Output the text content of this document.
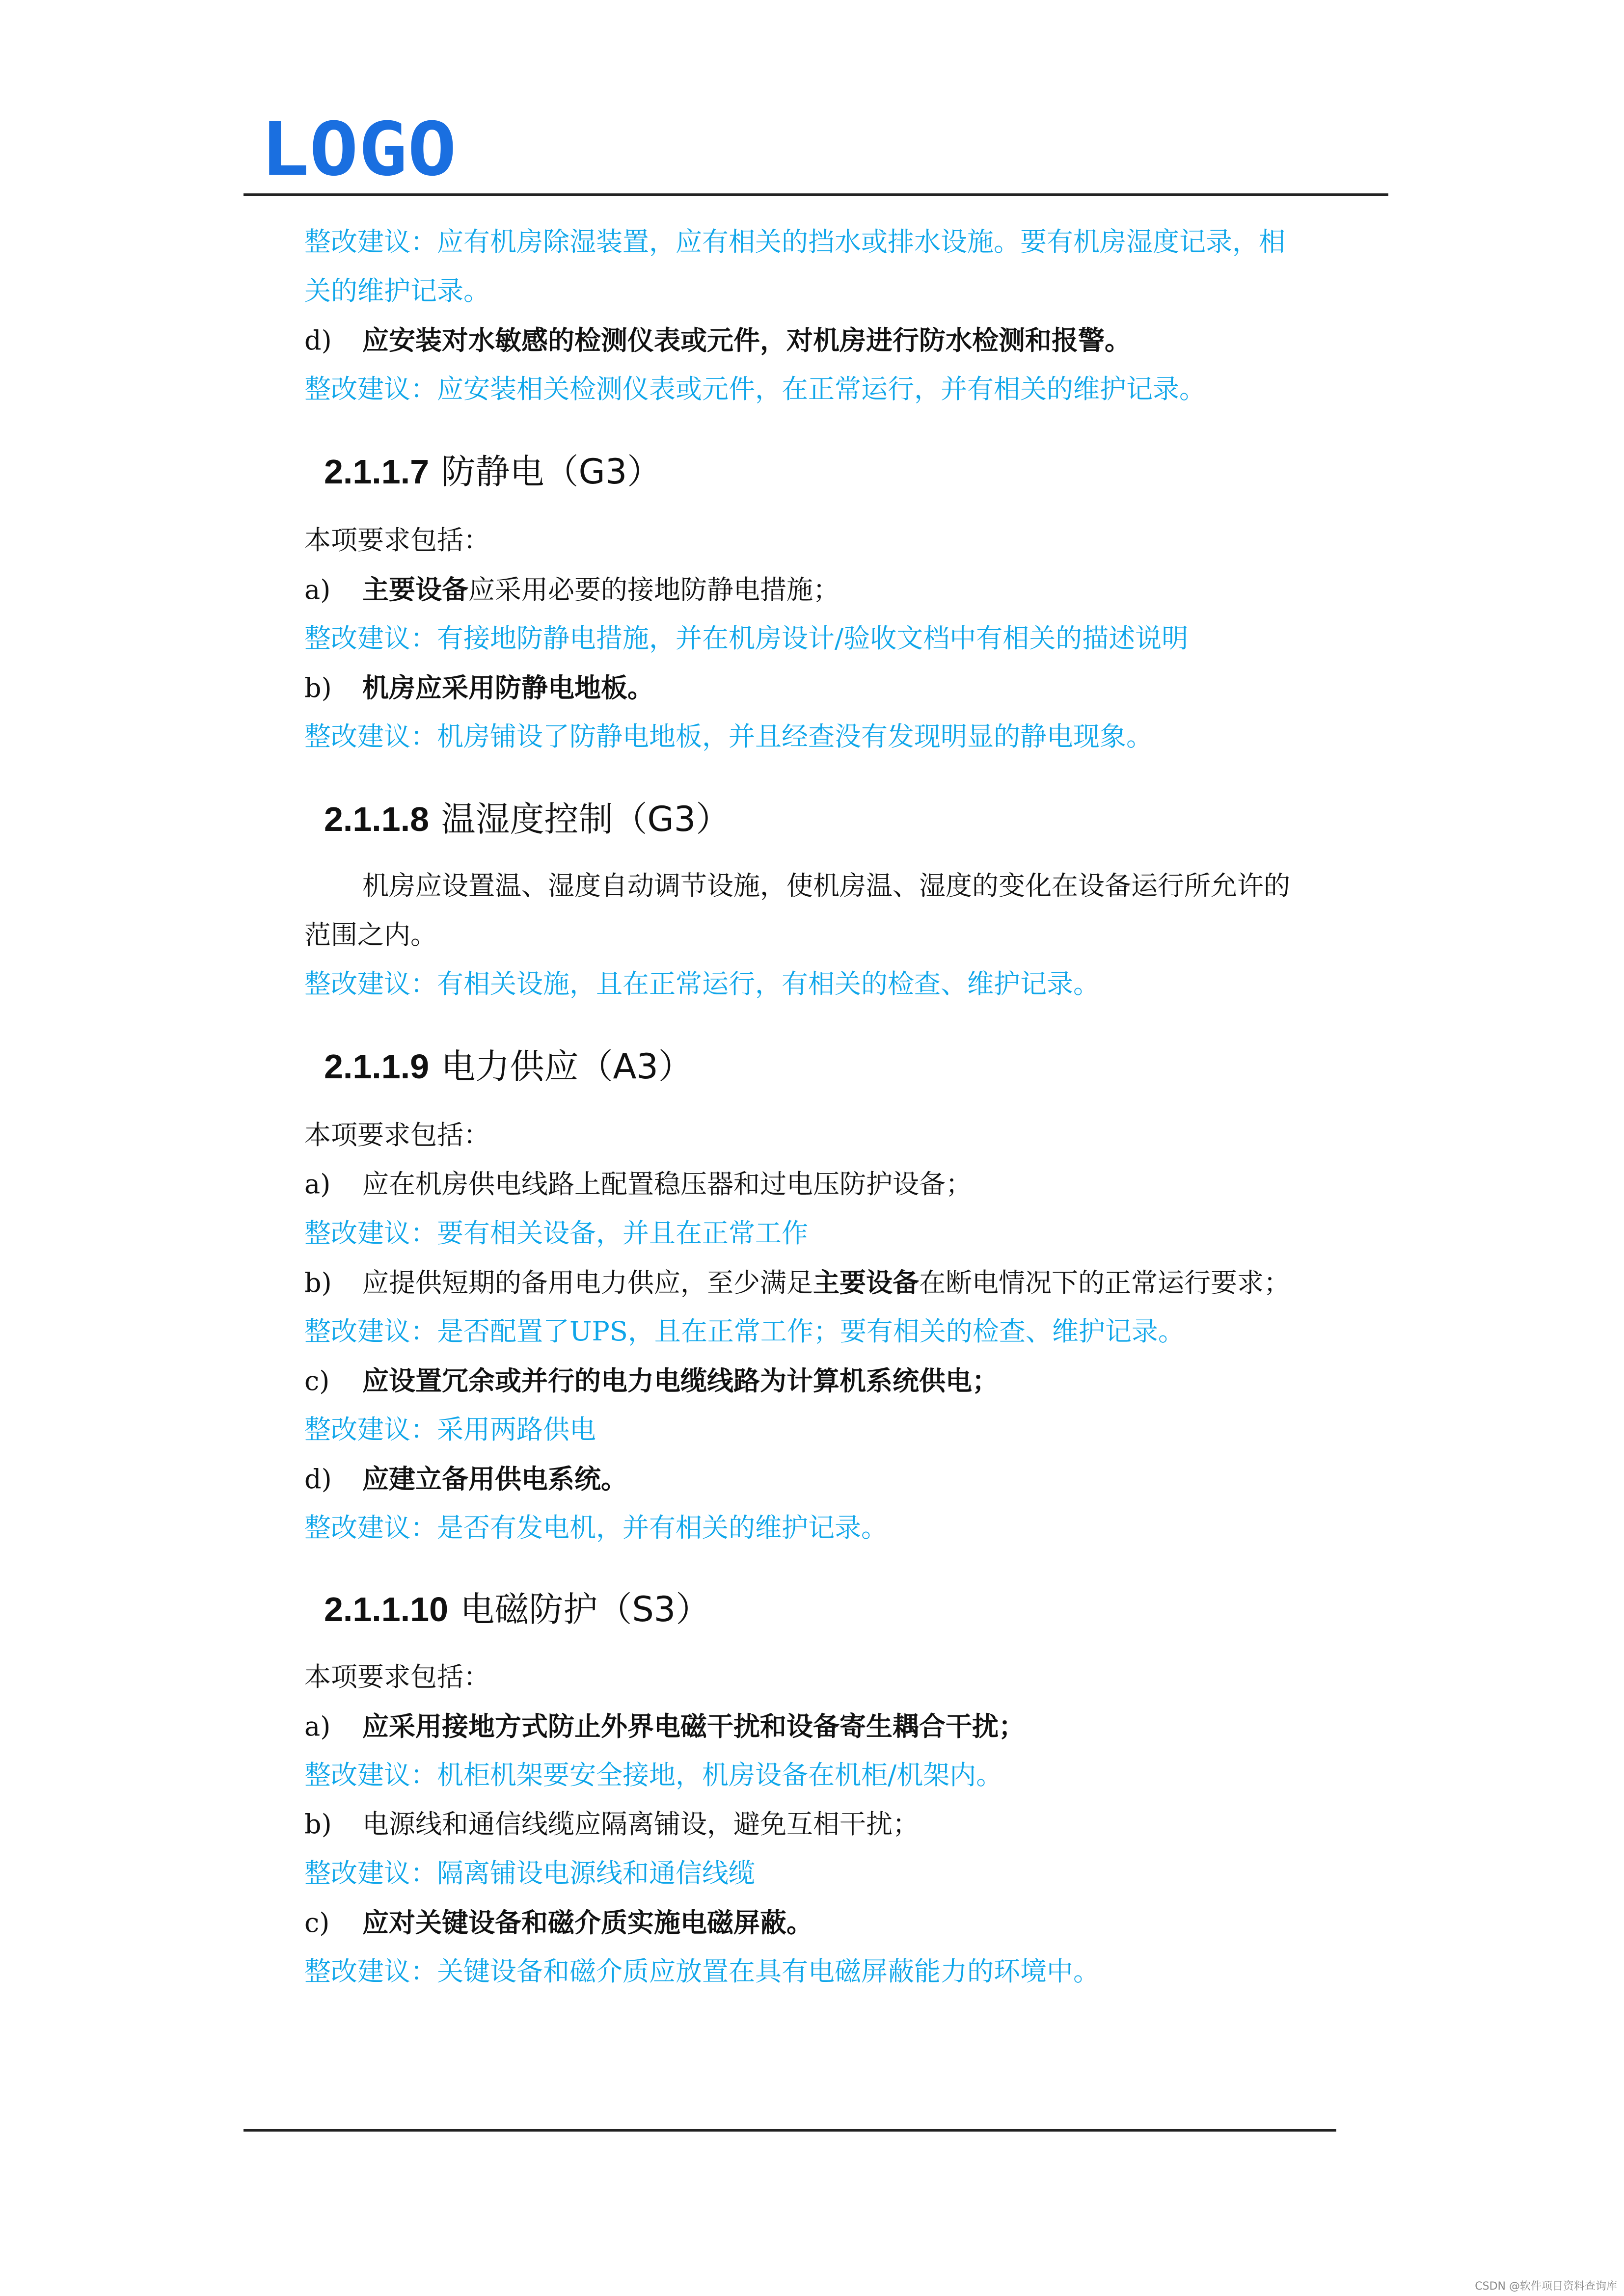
LOGO
整改建议：应有机房除湿装置，应有相关的挡水或排水设施。要有机房湿度记录，相
关的维护记录。
d) 应安装对水敏感的检测仪表或元件，对机房进行防水检测和报警。
整改建议：应安装相关检测仪表或元件，在正常运行，并有相关的维护记录。
2.1.1.7 防静电（G3）
本项要求包括：
a) 主要设备应采用必要的接地防静电措施；
整改建议：有接地防静电措施，并在机房设计/验收文档中有相关的描述说明
b) 机房应采用防静电地板。
整改建议：机房铺设了防静电地板，并且经查没有发现明显的静电现象。
2.1.1.8 温湿度控制（G3）
机房应设置温、湿度自动调节设施，使机房温、湿度的变化在设备运行所允许的
范围之内。
整改建议：有相关设施，且在正常运行，有相关的检查、维护记录。
2.1.1.9 电力供应（A3）
本项要求包括：
a) 应在机房供电线路上配置稳压器和过电压防护设备；
整改建议：要有相关设备，并且在正常工作
b) 应提供短期的备用电力供应，至少满足主要设备在断电情况下的正常运行要求；
整改建议：是否配置了UPS，且在正常工作；要有相关的检查、维护记录。
c) 应设置冗余或并行的电力电缆线路为计算机系统供电；
整改建议：采用两路供电
d) 应建立备用供电系统。
整改建议：是否有发电机，并有相关的维护记录。
2.1.1.10 电磁防护（S3）
本项要求包括：
a) 应采用接地方式防止外界电磁干扰和设备寄生耦合干扰；
整改建议：机柜机架要安全接地，机房设备在机柜/机架内。
b) 电源线和通信线缆应隔离铺设，避免互相干扰；
整改建议：隔离铺设电源线和通信线缆
c) 应对关键设备和磁介质实施电磁屏蔽。
整改建议：关键设备和磁介质应放置在具有电磁屏蔽能力的环境中。
CSDN @软件项目资料查询库
